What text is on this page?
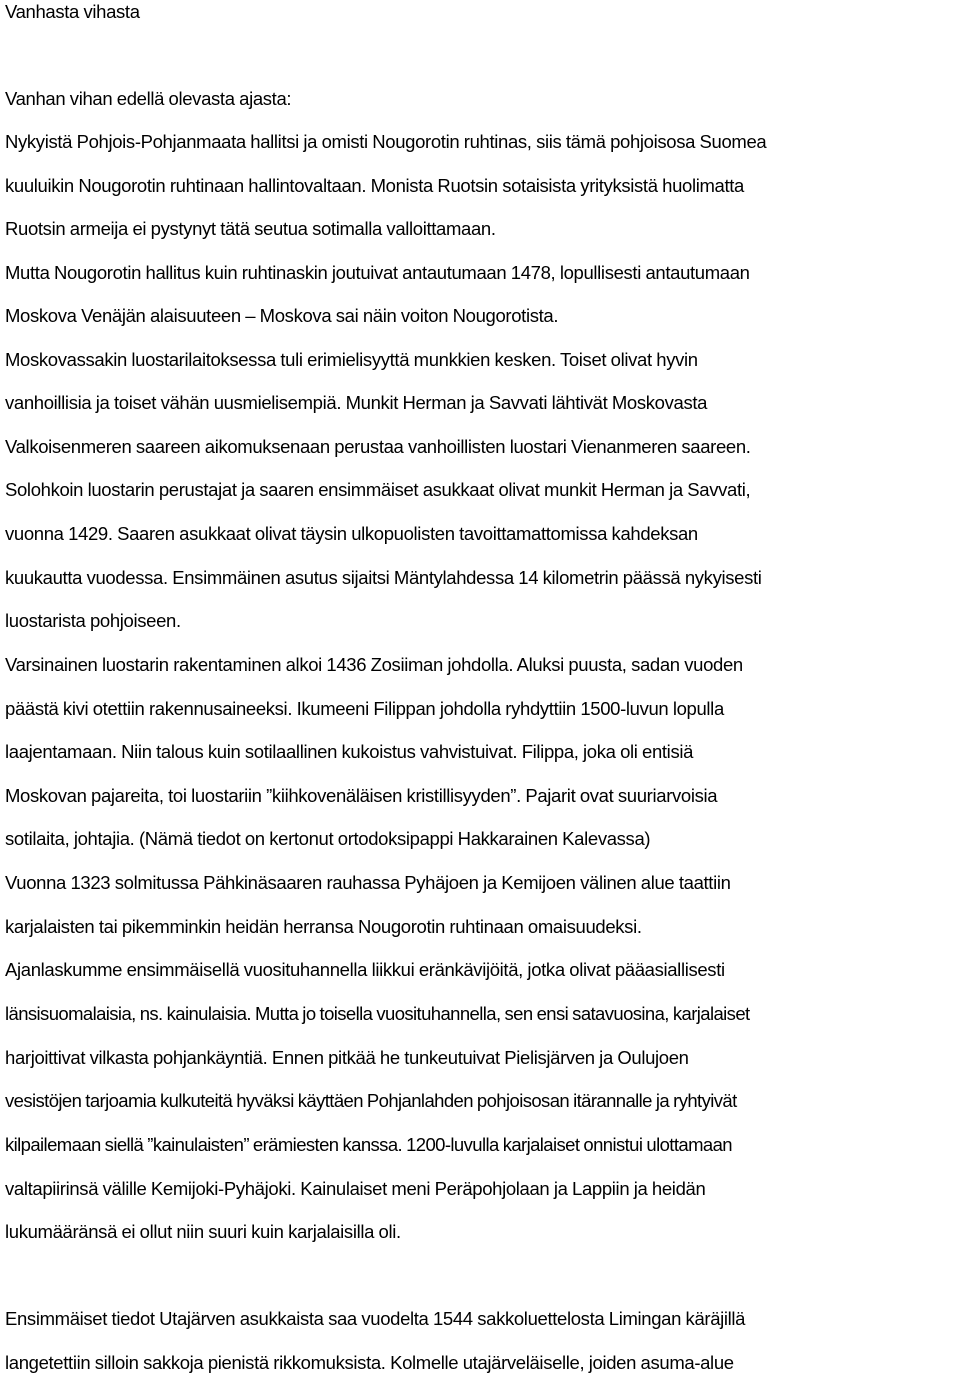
Vanhasta vihasta
Vanhan vihan edellä olevasta ajasta:
Nykyistä Pohjois-Pohjanmaata hallitsi ja omisti Nougorotin ruhtinas, siis tämä pohjoisosa Suomea
kuuluikin Nougorotin ruhtinaan hallintovaltaan. Monista Ruotsin sotaisista yrityksistä huolimatta
Ruotsin armeija ei pystynyt tätä seutua sotimalla valloittamaan.
Mutta Nougorotin hallitus kuin ruhtinaskin joutuivat antautumaan 1478, lopullisesti antautumaan
Moskova Venäjän alaisuuteen – Moskova sai näin voiton Nougorotista.
Moskovassakin luostarilaitoksessa tuli erimielisyyttä munkkien kesken. Toiset olivat hyvin
vanhoillisia ja toiset vähän uusmielisempiä. Munkit Herman ja Savvati lähtivät Moskovasta
Valkoisenmeren saareen aikomuksenaan perustaa vanhoillisten luostari Vienanmeren saareen.
Solohkoin luostarin perustajat ja saaren ensimmäiset asukkaat olivat munkit Herman ja Savvati,
vuonna 1429. Saaren asukkaat olivat täysin ulkopuolisten tavoittamattomissa kahdeksan
kuukautta vuodessa. Ensimmäinen asutus sijaitsi Mäntylahdessa 14 kilometrin päässä nykyisesti
luostarista pohjoiseen.
Varsinainen luostarin rakentaminen alkoi 1436 Zosiiman johdolla. Aluksi puusta, sadan vuoden
päästä kivi otettiin rakennusaineeksi. Ikumeeni Filippan johdolla ryhdyttiin 1500-luvun lopulla
laajentamaan. Niin talous kuin sotilaallinen kukoistus vahvistuivat. Filippa, joka oli entisiä
Moskovan pajareita, toi luostariin ”kiihkovenäläisen kristillisyyden”. Pajarit ovat suuriarvoisia
sotilaita, johtajia. (Nämä tiedot on kertonut ortodoksipappi Hakkarainen Kalevassa)
Vuonna 1323 solmitussa Pähkinäsaaren rauhassa Pyhäjoen ja Kemijoen välinen alue taattiin
karjalaisten tai pikemminkin heidän herransa Nougorotin ruhtinaan omaisuudeksi.
Ajanlaskumme ensimmäisellä vuosituhannella liikkui eränkävijöitä, jotka olivat pääasiallisesti
länsisuomalaisia, ns. kainulaisia. Mutta jo toisella vuosituhannella, sen ensi satavuosina, karjalaiset
harjoittivat vilkasta pohjankäyntiä. Ennen pitkää he tunkeutuivat Pielisjärven ja Oulujoen
vesistöjen tarjoamia kulkuteitä hyväksi käyttäen Pohjanlahden pohjoisosan itärannalle ja ryhtyivät
kilpailemaan siellä ”kainulaisten” erämiesten kanssa. 1200-luvulla karjalaiset onnistui ulottamaan
valtapiirinsä välille Kemijoki-Pyhäjoki. Kainulaiset meni Peräpohjolaan ja Lappiin ja heidän
lukumääränsä ei ollut niin suuri kuin karjalaisilla oli.
Ensimmäiset tiedot Utajärven asukkaista saa vuodelta 1544 sakkoluettelosta Limingan käräjillä
langetettiin silloin sakkoja pienistä rikkomuksista. Kolmelle utajärveläiselle, joiden asuma-alue
